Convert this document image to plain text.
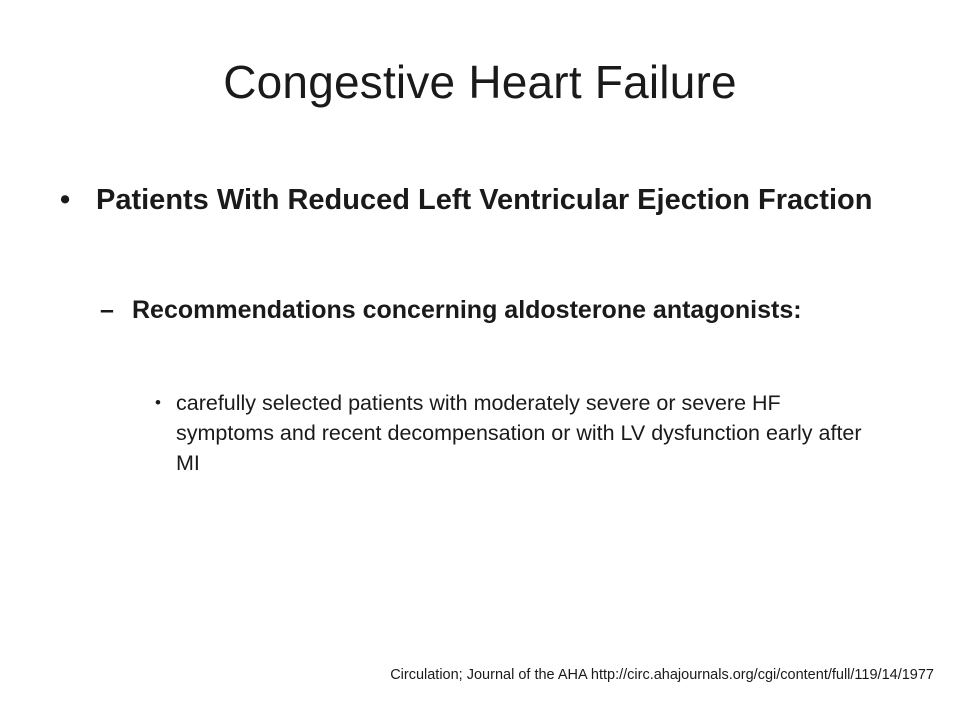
Congestive Heart Failure
• Patients With Reduced Left Ventricular Ejection Fraction
– Recommendations concerning aldosterone antagonists:
• carefully selected patients with moderately severe or severe HF symptoms and recent decompensation or with LV dysfunction early after MI
Circulation; Journal of the AHA http://circ.ahajournals.org/cgi/content/full/119/14/1977
